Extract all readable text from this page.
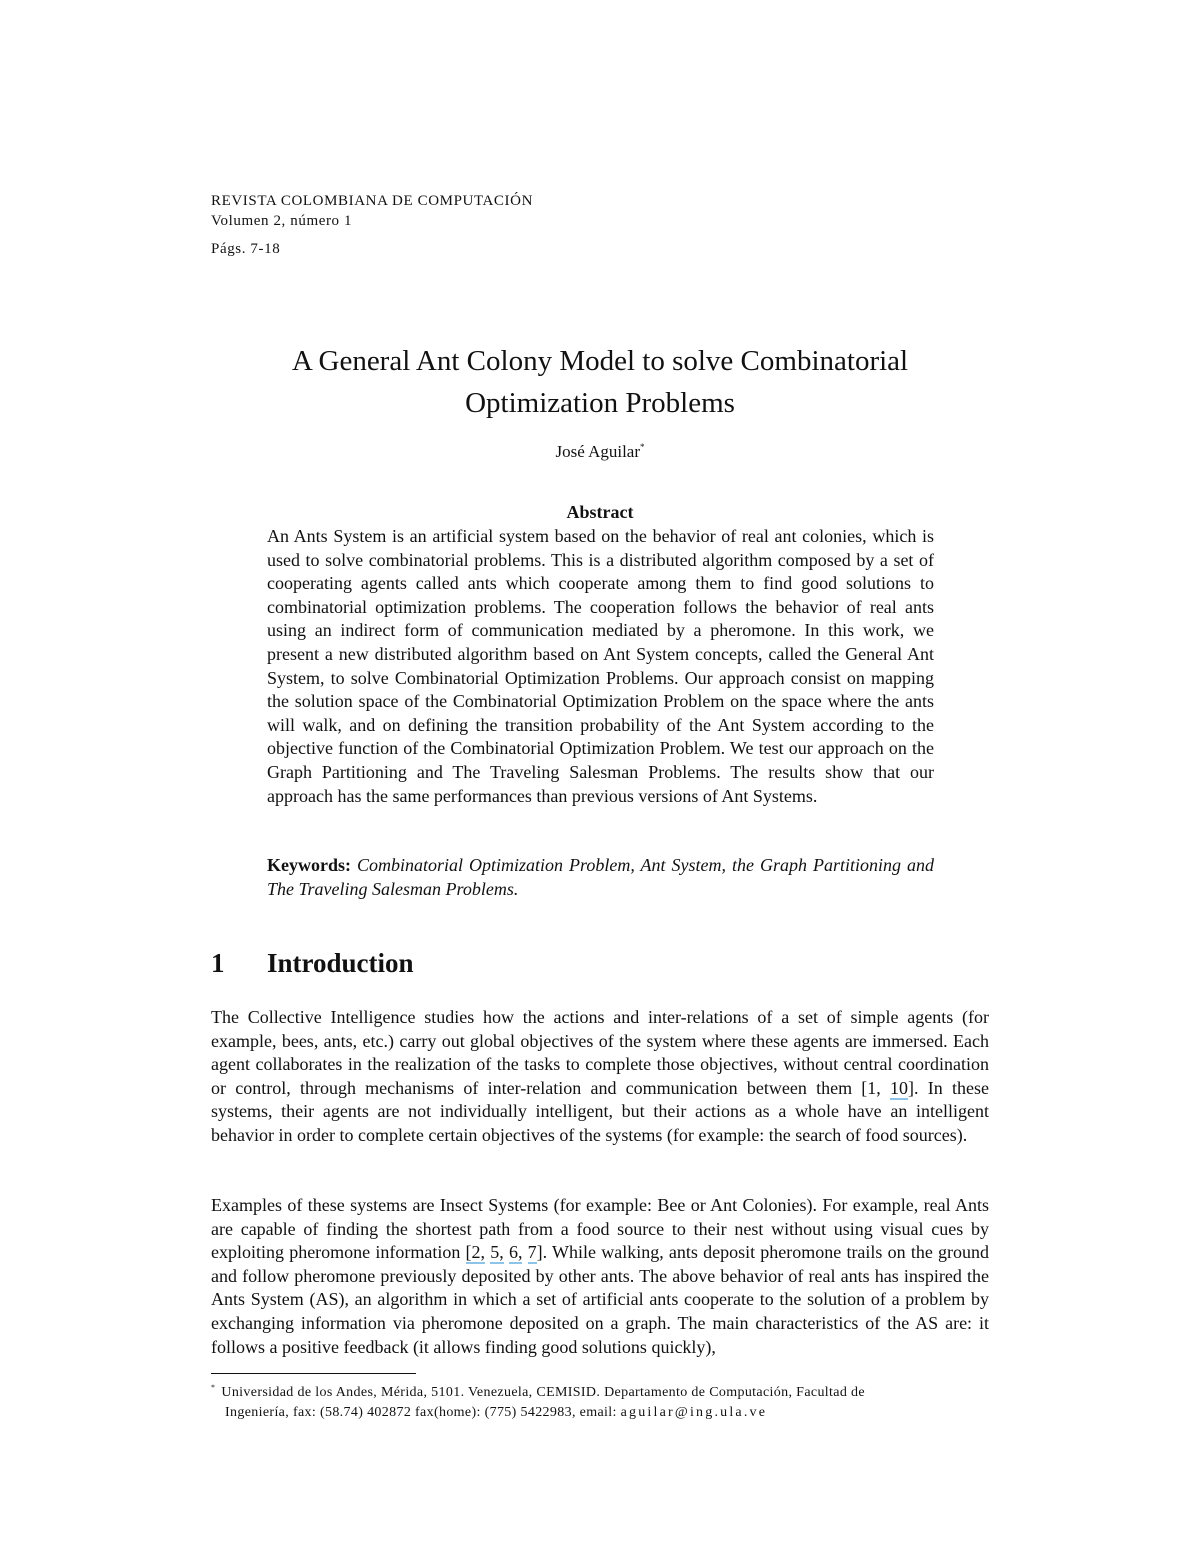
REVISTA COLOMBIANA DE COMPUTACIÓN
Volumen 2, número 1
Págs. 7-18
A General Ant Colony Model to solve Combinatorial
Optimization Problems
José Aguilar*
Abstract
An Ants System is an artificial system based on the behavior of real ant colonies, which is used to solve combinatorial problems. This is a distributed algorithm composed by a set of cooperating agents called ants which cooperate among them to find good solutions to combinatorial optimization problems. The cooperation follows the behavior of real ants using an indirect form of communication mediated by a pheromone. In this work, we present a new distributed algorithm based on Ant System concepts, called the General Ant System, to solve Combinatorial Optimization Problems. Our approach consist on mapping the solution space of the Combinatorial Optimization Problem on the space where the ants will walk, and on defining the transition probability of the Ant System according to the objective function of the Combinatorial Optimization Problem. We test our approach on the Graph Partitioning and The Traveling Salesman Problems. The results show that our approach has the same performances than previous versions of Ant Systems.
Keywords: Combinatorial Optimization Problem, Ant System, the Graph Partitioning and The Traveling Salesman Problems.
1 Introduction
The Collective Intelligence studies how the actions and inter-relations of a set of simple agents (for example, bees, ants, etc.) carry out global objectives of the system where these agents are immersed. Each agent collaborates in the realization of the tasks to complete those objectives, without central coordination or control, through mechanisms of inter-relation and communication between them [1, 10]. In these systems, their agents are not individually intelligent, but their actions as a whole have an intelligent behavior in order to complete certain objectives of the systems (for example: the search of food sources).
Examples of these systems are Insect Systems (for example: Bee or Ant Colonies). For example, real Ants are capable of finding the shortest path from a food source to their nest without using visual cues by exploiting pheromone information [2, 5, 6, 7]. While walking, ants deposit pheromone trails on the ground and follow pheromone previously deposited by other ants. The above behavior of real ants has inspired the Ants System (AS), an algorithm in which a set of artificial ants cooperate to the solution of a problem by exchanging information via pheromone deposited on a graph. The main characteristics of the AS are: it follows a positive feedback (it allows finding good solutions quickly),
* Universidad de los Andes, Mérida, 5101. Venezuela, CEMISID. Departamento de Computación, Facultad de
Ingeniería, fax: (58.74) 402872 fax(home): (775) 5422983, email: aguilar@ing.ula.ve
